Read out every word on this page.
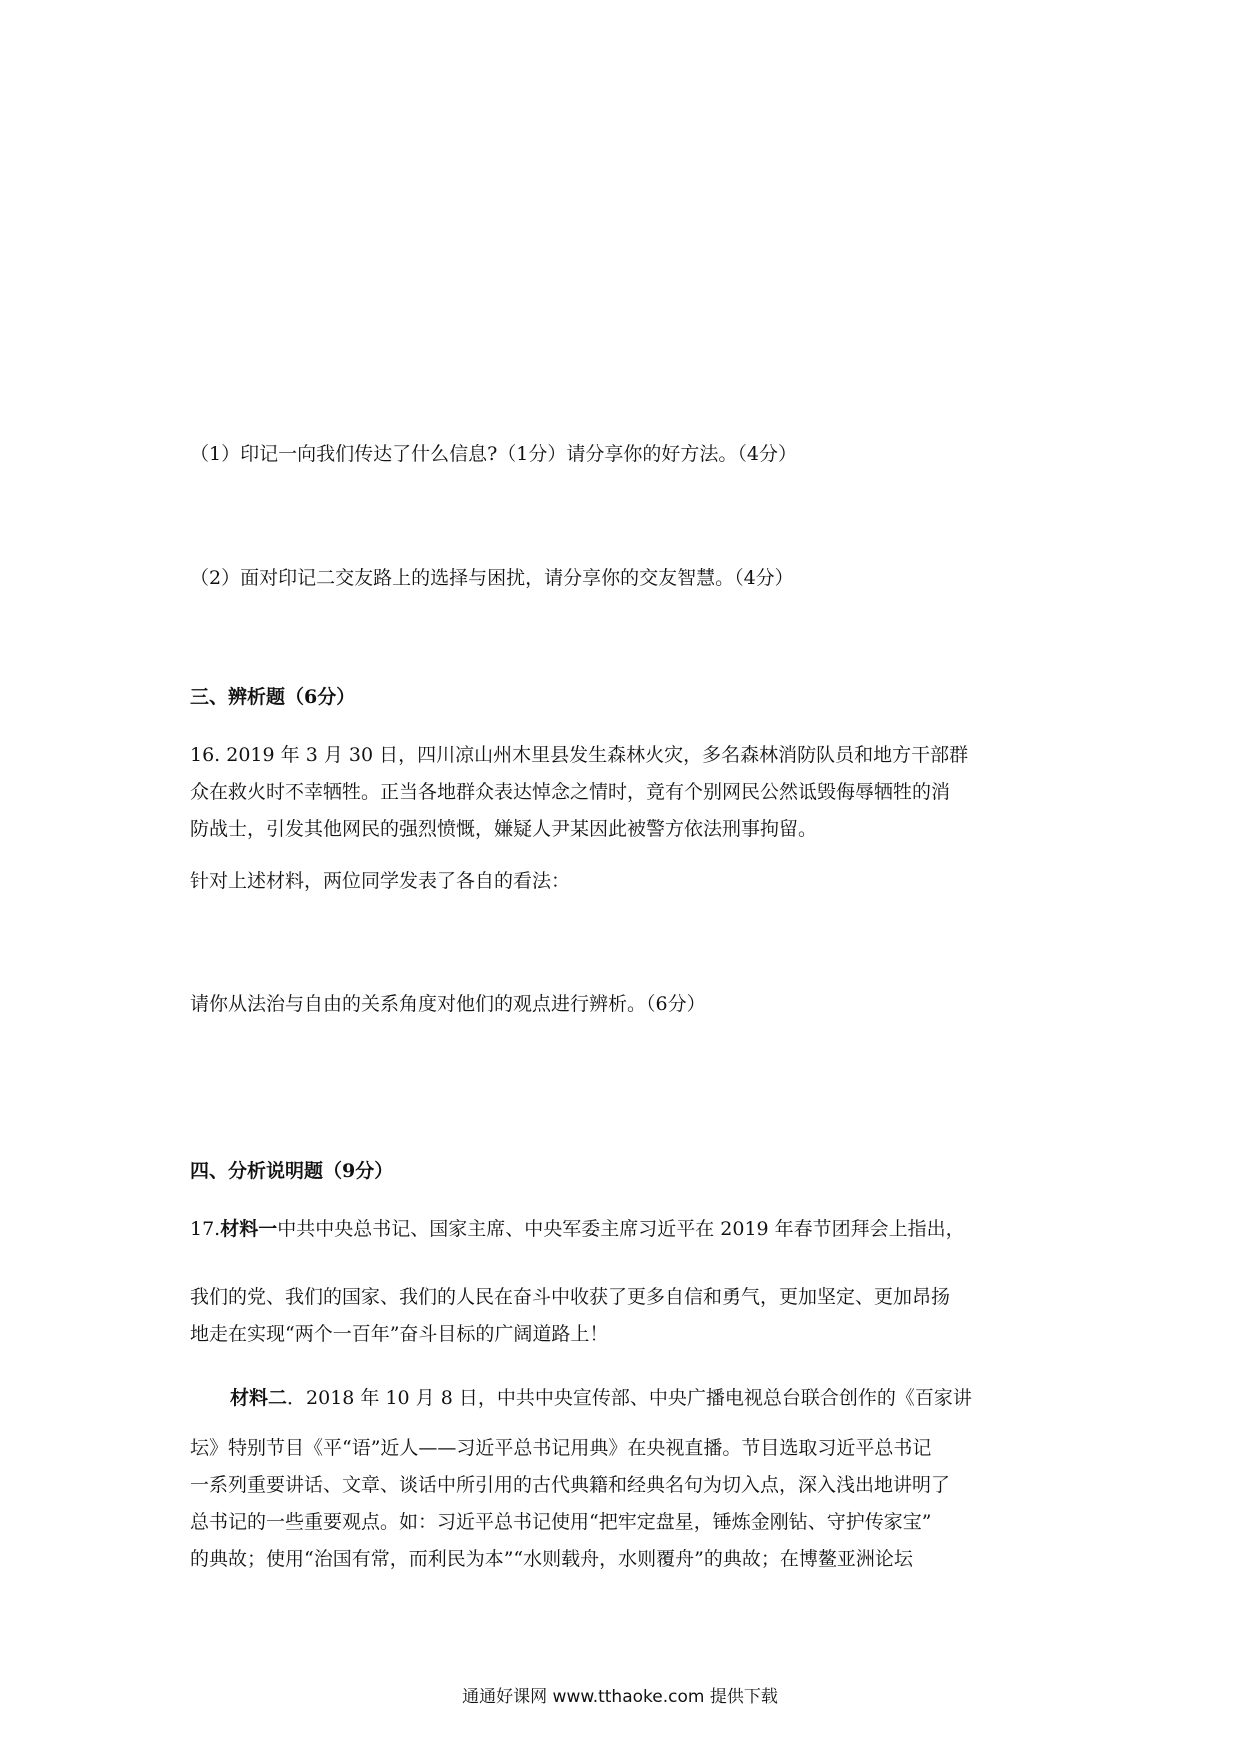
（1）印记一向我们传达了什么信息?（1分）请分享你的好方法。（4分）
（2）面对印记二交友路上的选择与困扰，请分享你的交友智慧。（4分）
三、辨析题（6分）
16. 2019 年 3 月 30 日，四川凉山州木里县发生森林火灾，多名森林消防队员和地方干部群
众在救火时不幸牺牲。正当各地群众表达悼念之情时，竟有个别网民公然诋毁侮辱牺牲的消
防战士，引发其他网民的强烈愤慨，嫌疑人尹某因此被警方依法刑事拘留。
针对上述材料，两位同学发表了各自的看法：
请你从法治与自由的关系角度对他们的观点进行辨析。（6分）
四、分析说明题（9分）
17.材料一中共中央总书记、国家主席、中央军委主席习近平在 2019 年春节团拜会上指出，
我们的党、我们的国家、我们的人民在奋斗中收获了更多自信和勇气，更加坚定、更加昂扬
地走在实现“两个一百年”奋斗目标的广阔道路上！
材料二．2018 年 10 月 8 日，中共中央宣传部、中央广播电视总台联合创作的《百家讲
坛》特别节目《平“语”近人——习近平总书记用典》在央视直播。节目选取习近平总书记
一系列重要讲话、文章、谈话中所引用的古代典籍和经典名句为切入点，深入浅出地讲明了
总书记的一些重要观点。如：习近平总书记使用“把牢定盘星，锤炼金刚钻、守护传家宝”
的典故；使用“治国有常，而利民为本”“水则载舟，水则覆舟”的典故；在博鳌亚洲论坛
通通好课网 www.tthaoke.com 提供下载
